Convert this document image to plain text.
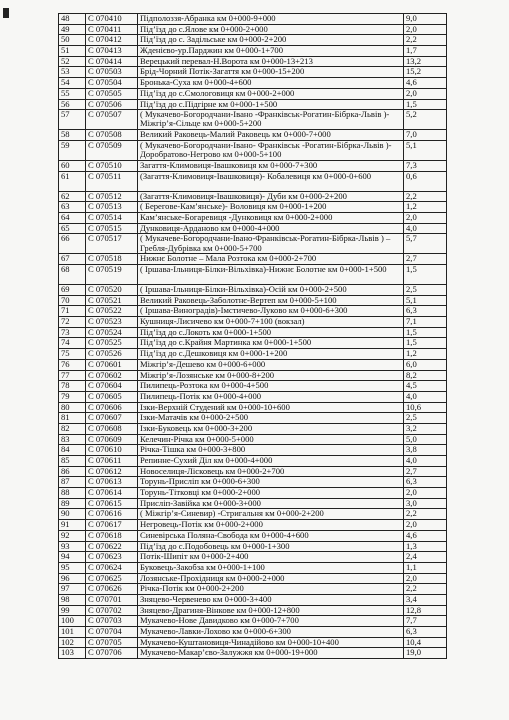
48	С 070410	Підполоззя-Абранка км 0+000-9+000	9,0
49	С 070411	Під’їзд до с.Ялове км 0+000-2+000	2,0
50	С 070412	Під’їзд до с. Задільське км 0+000-2+200	2,2
51	С 070413	Жденієво-ур.Парджин км 0+000-1+700	1,7
52	С 070414	Верецький перевал-Н.Ворота км 0+000-13+213	13,2
53	С 070503	Брід-Чорний Потік-Загаття км 0+000-15+200	15,2
54	С 070504	Бронька-Суха км 0+000-4+600	4,6
55	С 070505	Під’їзд до с.Смологовиця км 0+000-2+000	2,0
56	С 070506	Під’їзд до с.Підгірне км 0+000-1+500	1,5
57	С 070507	( Мукачево-Богородчани-Івано -Франківськ-Рогатин-Бібрка-Львів )-Міжгірʼя-Сільце км 0+000-5+200	5,2
58	С 070508	Великий Раковець-Малий Раковець км 0+000-7+000	7,0
59	С 070509	( Мукачево-Богородчани-Івано- Франківськ -Рогатин-Бібрка-Львів )-Доробратово-Негрово км 0+000-5+100	5,1
60	С 070510	Загаття-Климовиця-Івашковиця км 0+000-7+300	7,3
61	С 070511	(Загаття-Климовиця-Івашковиця)- Кобалевиця км 0+000-0+600	0,6
62	С 070512	(Загаття-Климовиця-Івашковиця)- Дуби км 0+000-2+200	2,2
63	С 070513	( Берегове-Камʼянське)- Воловиця км 0+000-1+200	1,2
64	С 070514	Камʼянське-Богаревиця -Дунковиця км 0+000-2+000	2,0
65	С 070515	Дунковиця-Арданово км 0+000-4+000	4,0
66	С 070517	( Мукачеве-Богородчани-Івано-Франківськ-Рогатин-Бібрка-Львів ) –Гребля-Дубрівка км 0+000-5+700	5,7
67	С 070518	Нижнє Болотне – Мала Розтока км 0+000-2+700	2,7
68	С 070519	( Іршава-Ільниця-Білки-Вільхівка)-Нижнє Болотне км 0+000-1+500	1,5
69	С 070520	( Іршава-Ільниця-Білки-Вільхівка)-Осій км 0+000-2+500	2,5
70	С 070521	Великий Раковець-Заболотнє-Вертеп км 0+000-5+100	5,1
71	С 070522	( Іршава-Виноградів)-Імстичево-Луково км 0+000-6+300	6,3
72	С 070523	Кушниця-Лисичево км 0+000-7+100 (вокзал)	7,1
73	С 070524	Під’їзд до с.Локоть км 0+000-1+500	1,5
74	С 070525	Під’їзд до с.Крайня Мартинка км 0+000-1+500	1,5
75	С 070526	Під’їзд до с.Дешковиця км 0+000-1+200	1,2
76	С 070601	Міжгірʼя-Дешево км 0+000-6+000	6,0
77	С 070602	Міжгірʼя-Лозянське км 0+000-8+200	8,2
78	С 070604	Пилипець-Розтока км 0+000-4+500	4,5
79	С 070605	Пилипець-Потік км 0+000-4+000	4,0
80	С 070606	Ізки-Верхній Студений км 0+000-10+600	10,6
81	С 070607	Ізки-Матачів км 0+000-2+500	2,5
82	С 070608	Ізки-Буковець км 0+000-3+200	3,2
83	С 070609	Келечин-Річка км 0+000-5+000	5,0
84	С 070610	Річка-Тішка км 0+000-3+800	3,8
85	С 070611	Репинне-Сухий Діл км 0+000-4+000	4,0
86	С 070612	Новоселиця-Лісковець км 0+000-2+700	2,7
87	С 070613	Торунь-Присліп км 0+000-6+300	6,3
88	С 070614	Торунь-Тітковці км 0+000-2+000	2,0
89	С 070615	Присліп-Завійка км 0+000-3+000	3,0
90	С 070616	( Міжгірʼя-Синевир) -Стригальня км 0+000-2+200	2,2
91	С 070617	Негровець-Потік км 0+000-2+000	2,0
92	С 070618	Синевірська Поляна-Свобода км 0+000-4+600	4,6
93	С 070622	Під’їзд до с.Подобовець км 0+000-1+300	1,3
94	С 070623	Потік-Шипіт км 0+000-2+400	2,4
95	С 070624	Буковець-Закобза км 0+000-1+100	1,1
96	С 070625	Лозянське-Прохідниця км 0+000-2+000	2,0
97	С 070626	Річка-Потік км 0+000-2+200	2,2
98	С 070701	Зняцево-Червенево км 0+000-3+400	3,4
99	С 070702	Зняцево-Драгиня-Вінкове км 0+000-12+800	12,8
100	С 070703	Мукачево-Нове Давидково км 0+000-7+700	7,7
101	С 070704	Мукачево-Лавки-Лохово км 0+000-6+300	6,3
102	С 070705	Мукачево-Куштановиця-Чинадійово км 0+000-10+400	10,4
103	С 070706	Мукачево-Макарʼєво-Залужжя км 0+000-19+000	19,0
